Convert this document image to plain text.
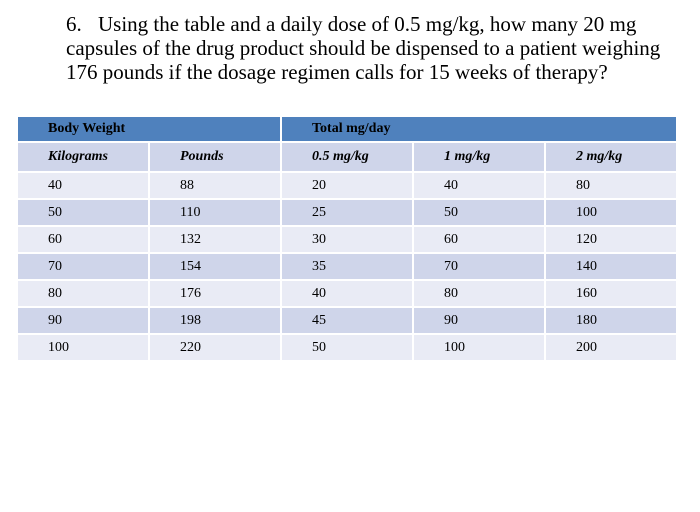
6. Using the table and a daily dose of 0.5 mg/kg, how many 20 mg capsules of the drug product should be dispensed to a patient weighing 176 pounds if the dosage regimen calls for 15 weeks of therapy?

Body Weight		Total mg/day		
Kilograms	Pounds	0.5 mg/kg	1 mg/kg	2 mg/kg
40	88	20	40	80
50	110	25	50	100
60	132	30	60	120
70	154	35	70	140
80	176	40	80	160
90	198	45	90	180
100	220	50	100	200
